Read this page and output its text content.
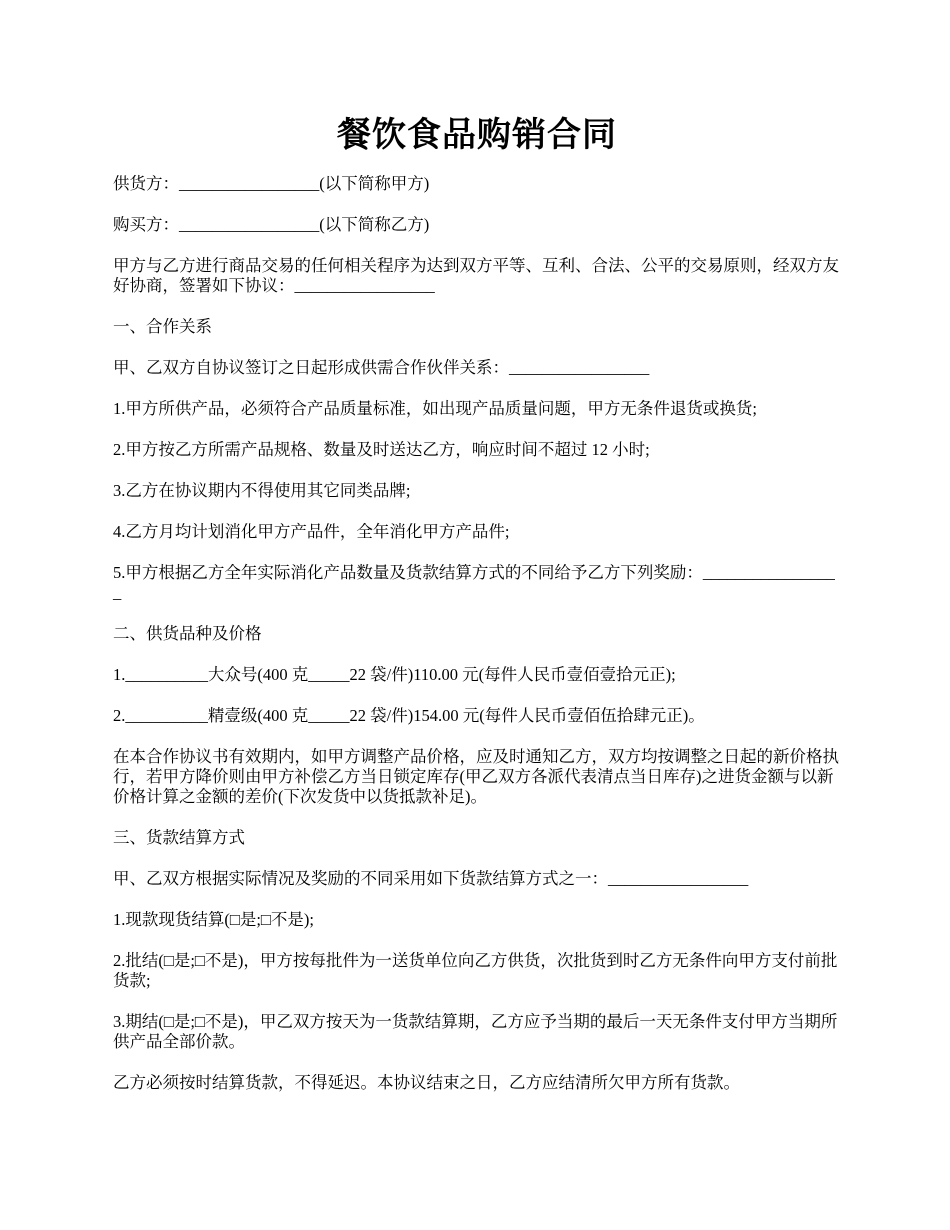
餐饮食品购销合同

供货方：_________________(以下简称甲方)

购买方：_________________(以下简称乙方)

甲方与乙方进行商品交易的任何相关程序为达到双方平等、互利、合法、公平的交易原则，经双方友好协商，签署如下协议：_________________

一、合作关系

甲、乙双方自协议签订之日起形成供需合作伙伴关系：_________________

1.甲方所供产品，必须符合产品质量标准，如出现产品质量问题，甲方无条件退货或换货;

2.甲方按乙方所需产品规格、数量及时送达乙方，响应时间不超过 12 小时;

3.乙方在协议期内不得使用其它同类品牌;

4.乙方月均计划消化甲方产品件，全年消化甲方产品件;

5.甲方根据乙方全年实际消化产品数量及货款结算方式的不同给予乙方下列奖励：_________________

二、供货品种及价格

1.__________大众号(400 克_____22 袋/件)110.00 元(每件人民币壹佰壹拾元正);

2.__________精壹级(400 克_____22 袋/件)154.00 元(每件人民币壹佰伍拾肆元正)。

在本合作协议书有效期内，如甲方调整产品价格，应及时通知乙方，双方均按调整之日起的新价格执行，若甲方降价则由甲方补偿乙方当日锁定库存(甲乙双方各派代表清点当日库存)之进货金额与以新价格计算之金额的差价(下次发货中以货抵款补足)。

三、货款结算方式

甲、乙双方根据实际情况及奖励的不同采用如下货款结算方式之一：_________________

1.现款现货结算(□是;□不是);

2.批结(□是;□不是)，甲方按每批件为一送货单位向乙方供货，次批货到时乙方无条件向甲方支付前批货款;

3.期结(□是;□不是)，甲乙双方按天为一货款结算期，乙方应予当期的最后一天无条件支付甲方当期所供产品全部价款。

乙方必须按时结算货款，不得延迟。本协议结束之日，乙方应结清所欠甲方所有货款。
